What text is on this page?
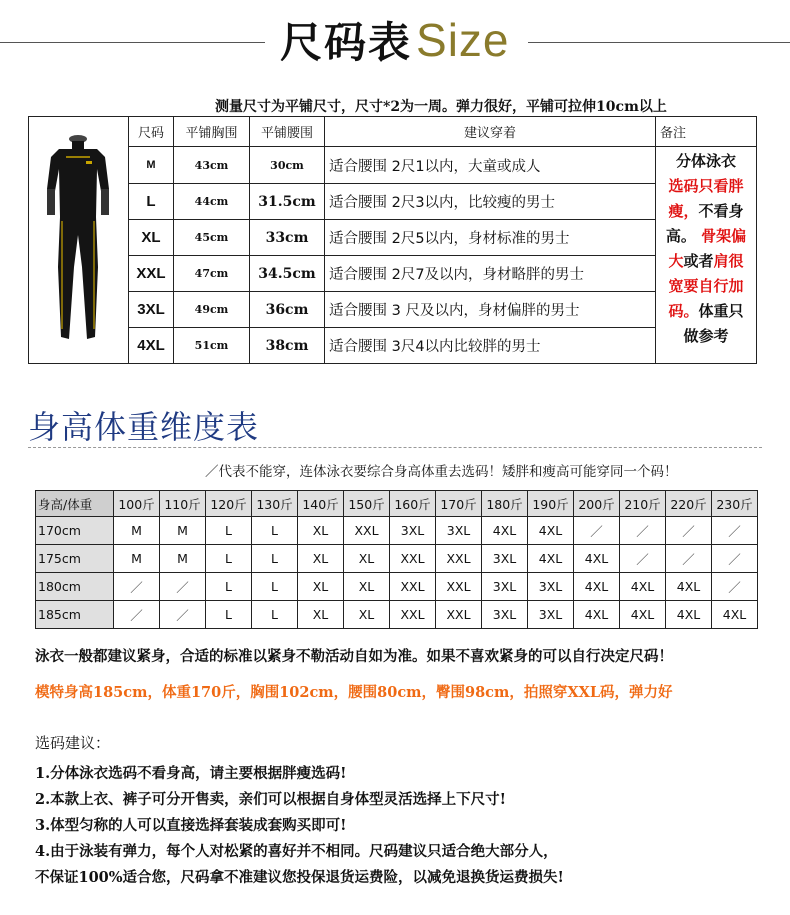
尺码表 Size
测量尺寸为平铺尺寸，尺寸*2为一周。弹力很好，平铺可拉伸10cm以上
	尺码	平铺胸围	平铺腰围	建议穿着	备注
	M	43cm	30cm	适合腰围 2尺1以内，大童或成人	分体泳衣
选码只看胖瘦，不看身高。 骨架偏大或者肩很宽要自行加码。体重只做参考
	L	44cm	31.5cm	适合腰围 2尺3以内，比较瘦的男士	
	XL	45cm	33cm	适合腰围 2尺5以内，身材标准的男士	
	XXL	47cm	34.5cm	适合腰围 2尺7及以内，身材略胖的男士	
	3XL	49cm	36cm	适合腰围 3 尺及以内，身材偏胖的男士	
	4XL	51cm	38cm	适合腰围 3尺4以内比较胖的男士	
身高体重维度表
／代表不能穿，连体泳衣要综合身高体重去选码！矮胖和瘦高可能穿同一个码！
身高/体重	100斤	110斤	120斤	130斤	140斤	150斤	160斤	170斤	180斤	190斤	200斤	210斤	220斤	230斤
170cm	M	M	L	L	XL	XXL	3XL	3XL	4XL	4XL	／	／	／	／
175cm	M	M	L	L	XL	XL	XXL	XXL	3XL	4XL	4XL	／	／	／
180cm	／	／	L	L	XL	XL	XXL	XXL	3XL	3XL	4XL	4XL	4XL	／
185cm	／	／	L	L	XL	XL	XXL	XXL	3XL	3XL	4XL	4XL	4XL	4XL
泳衣一般都建议紧身，合适的标准以紧身不勒活动自如为准。如果不喜欢紧身的可以自行决定尺码！
模特身高185cm，体重170斤，胸围102cm，腰围80cm，臀围98cm，拍照穿XXL码，弹力好
选码建议：
1.分体泳衣选码不看身高，请主要根据胖瘦选码!
2.本款上衣、裤子可分开售卖，亲们可以根据自身体型灵活选择上下尺寸!
3.体型匀称的人可以直接选择套装成套购买即可!
4.由于泳装有弹力，每个人对松紧的喜好并不相同。尺码建议只适合绝大部分人，
不保证100%适合您，尺码拿不准建议您投保退货运费险，以减免退换货运费损失!
